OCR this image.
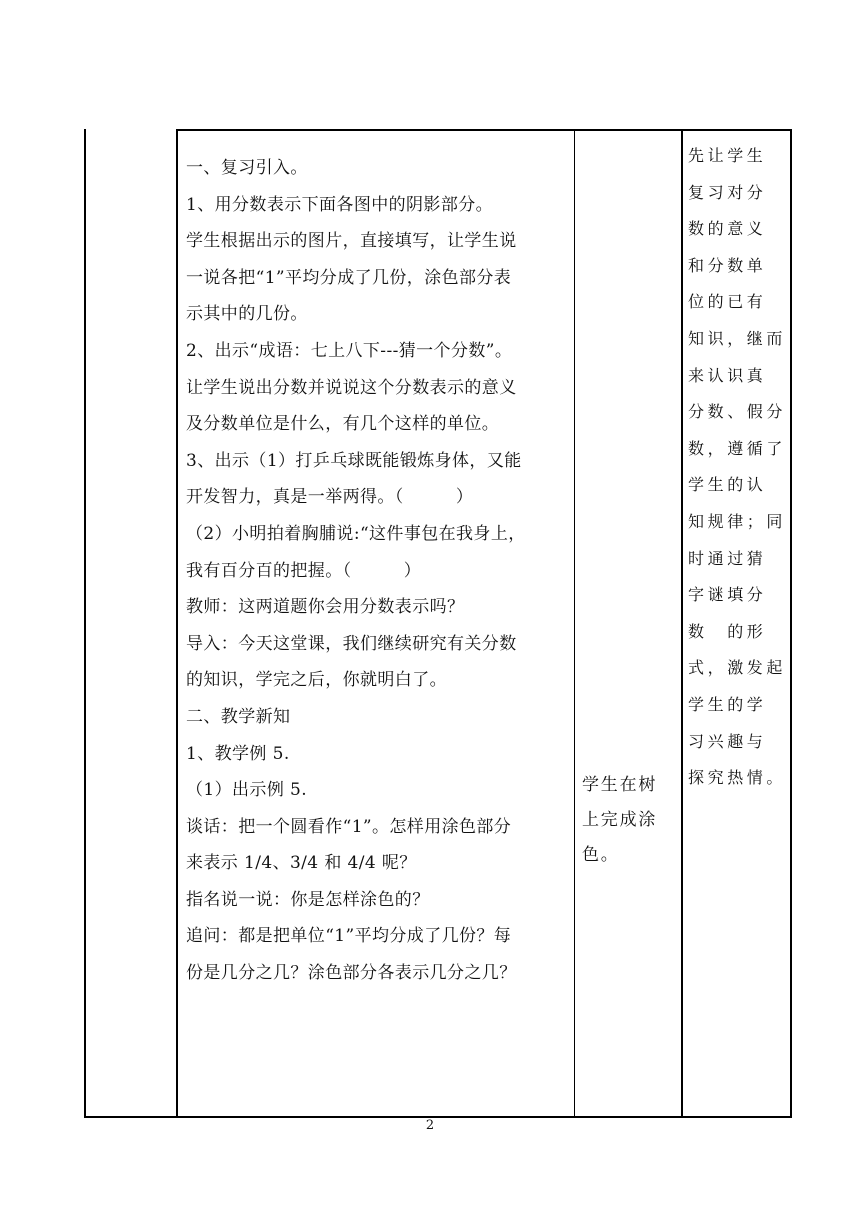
一、复习引入。

1、用分数表示下面各图中的阴影部分。

学生根据出示的图片，直接填写，让学生说

一说各把“1”平均分成了几份，涂色部分表

示其中的几份。

2、出示“成语：七上八下---猜一个分数”。

让学生说出分数并说说这个分数表示的意义

及分数单位是什么，有几个这样的单位。

3、出示（1）打乒乓球既能锻炼身体，又能

开发智力，真是一举两得。（　　　）

（2）小明拍着胸脯说:“这件事包在我身上，

我有百分百的把握。（　　　）

教师：这两道题你会用分数表示吗？

导入：今天这堂课，我们继续研究有关分数

的知识，学完之后，你就明白了。

二、教学新知

1、教学例 5.

（1）出示例 5.

谈话：把一个圆看作“1”。怎样用涂色部分

来表示 1/4、3/4 和 4/4 呢？

指名说一说：你是怎样涂色的？

追问：都是把单位“1”平均分成了几份？每

份是几分之几？涂色部分各表示几分之几？

学生在树

上完成涂

色。

先让学生

复习对分

数的意义

和分数单

位的已有

知识，继而

来认识真

分数、假分

数，遵循了

学生的认

知规律；同

时通过猜

字谜填分

数　的形

式，激发起

学生的学

习兴趣与

探究热情。

2
